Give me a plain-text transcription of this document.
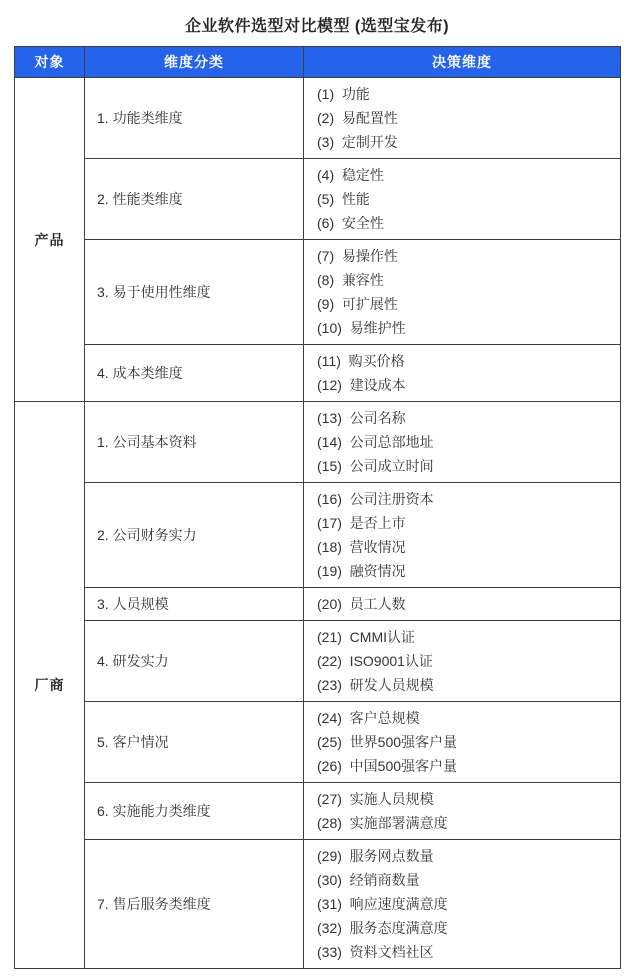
企业软件选型对比模型 (选型宝发布)
对象	维度分类	决策维度
产品	1. 功能类维度	(1)  功能
(2)  易配置性
(3)  定制开发

	2. 性能类维度	(4)  稳定性
(5)  性能
(6)  安全性

	3. 易于使用性维度	(7)  易操作性
(8)  兼容性
(9)  可扩展性
(10)  易维护性

	4. 成本类维度	(11)  购买价格
(12)  建设成本

厂商	1. 公司基本资料	(13)  公司名称
(14)  公司总部地址
(15)  公司成立时间

	2. 公司财务实力	(16)  公司注册资本
(17)  是否上市
(18)  营收情况
(19)  融资情况

	3. 人员规模	(20)  员工人数

	4. 研发实力	(21)  CMMI认证
(22)  ISO9001认证
(23)  研发人员规模

	5. 客户情况	(24)  客户总规模
(25)  世界500强客户量
(26)  中国500强客户量

	6. 实施能力类维度	(27)  实施人员规模
(28)  实施部署满意度

	7. 售后服务类维度	(29)  服务网点数量
(30)  经销商数量
(31)  响应速度满意度
(32)  服务态度满意度
(33)  资料文档社区
